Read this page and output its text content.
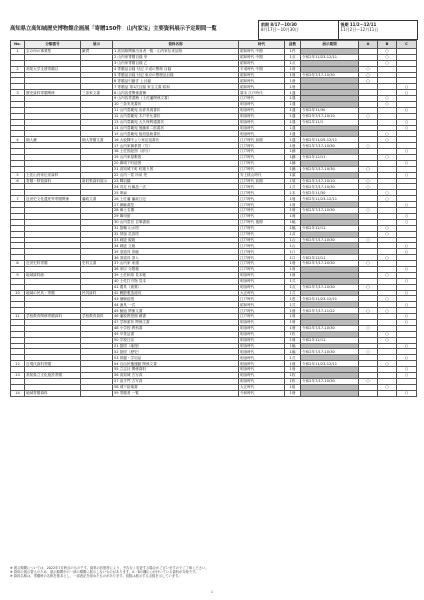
高知県立高知城歴史博物館企画展「寄贈150件　山内家宝」主要資料展示予定期間一覧
前期 8/17〜10/30
8月17日〜10月30日
後期 11/2〜12/11
11月2日〜12月11日
No.	分類番号	展示	資料名称	時代	員数	展示期間	A	B	C
1	宝の何の事業型	雑貨	1 高知県関係出身者一覧・山内家伝来品物	昭和時代 中期	1件			○	
			2 山内家寄贈目録 甲	昭和時代 中期	1点	令和2年11/23-12/11		○	
			3 山内家寄贈目録 乙	昭和時代	1点			○	
2	高知大学支援寄贈目		4 寄贈品目録 付記 平成の整理 目録	平成時代 中期	1冊		○		
			5 寄贈品目録 付記 東京の整理品目録	昭和時代	1冊	令和2年7/17-10/30	○		
			6 寄贈品引継ぎ 上目録	昭和時代	1冊		○		
			7 寄贈品 第1次目録 家宝文書 昭和	昭和時代	1冊				○
3	歴史資料寄贈関係	三条家文書	8 山内容堂関係書簡	幕末 江戸時代	1通				○
			9 山内容堂書簡（土佐藩関係文書）	江戸時代	1通			○	
			10 三条実美書状	明治時代	1通			○	
			11 山内豊範宛 岩倉具視書状	明治時代	1通	令和2年11/30			○
			12 山内豊範宛 木戸孝允書状	明治時代	1通	令和2年7/17-10/10	○		
			13 山内豊範宛 大久保利通書状	明治時代	1通	令和2年11/1			○
			14 山内豊範宛 後藤象二郎書状	明治時代	1通				○
			15 山内豊範宛 板垣退助書状	明治時代	1通			○	
4	個人蔵	個人寄贈文書	16 大坂陣中より家臣宛書状	江戸時代 前期	1通	令和2年11/25-12/11		○	
			17 山内家御系図（写）	江戸時代	1冊	令和2年7/17-10/30	○		
			18 土佐国絵図（部分）	江戸時代	1鋪				○
			19 山内家屋敷図	江戸時代	1鋪	令和2年12/11		○	
			20 御城下町絵図	江戸時代	1鋪				○
			21 高知城下町 町割り図	江戸時代	1鋪	令和2年7/17-10/30	○		
5	土佐山内家伝来資料		22 山内一豊 所用 兜	安土桃山時代	1頭				○
6	寄贈・移管資料	新収集資料展示	23 陣羽織	江戸時代 前期	1領	令和2年7/17-10/10	○		
			24 具足 付属品一式	江戸時代	1式	令和2年7/17-10/30	○		
			25 軍扇	江戸時代	1本	令和2年11/30		○	
7	近世史文化遺産等寄贈関係	藩政文書	26 土佐藩 藩政日記	江戸時代	1冊	令和2年11/23-12/11		○	
			27 御触書控	江戸時代	1冊				○
			28 郷士名簿	江戸時代	1冊	令和2年7/17-10/30	○		
			29 御用留	江戸時代	1冊				○
			30 山内豊信 自筆書画	江戸時代 後期	1幅				○
			31 掛軸 山水図	江戸時代	1幅	令和2年12/11		○	
			32 屏風 花鳥図	江戸時代	1双			○	
			33 蒔絵 硯箱	江戸時代	1合	令和2年7/17-10/30	○		
			34 蒔絵 文箱	江戸時代	1合				○
			35 茶道具 茶碗	江戸時代	1口				○
			36 茶道具 茶入	江戸時代	1口	令和2年12/11		○	
8	近世史料寄贈	史料文書	37 山内家 家譜	江戸時代	1冊	令和2年7/17-10/30	○		
			38 家臣 分限帳	江戸時代	1冊				○
9	地域資料館		39 土佐和紙 見本帳	明治時代	1冊			○	
			40 土佐打刃物 見本	明治時代	1式				○
			41 農具（唐箕）	明治時代	1点	令和2年7/17-10/30	○		
10	地域の民具・寄贈	民具資料	42 鰹節製造道具	大正時代	1式				○
			43 捕鯨絵図	江戸時代	1巻	令和2年11/23-12/11		○	
			44 漁具 一式	昭和時代	1式				○
			45 鯨組 関係文書	江戸時代	1冊	令和2年7/17-11/22	○	○	
11	学校教育関係寄贈資料	学校教育資料	46 藩校教授館 蔵書	江戸時代	1冊				○
			47 学制頒布 関係文書	明治時代	1冊				○
			48 小学校 教科書	明治時代	1冊	令和2年7/17-10/30	○		
			49 卒業証書	明治時代	1枚			○	
			50 学校日誌	明治時代	1冊	令和2年12/11		○	
			51 掛図（地理）	明治時代	1幅				○
			52 掛図（歴史）	明治時代	1幅	令和2年7/17-10/30	○		
			53 算盤・学用品	明治時代	1式				○
12	近現代資料寄贈		54 自由民権運動 関係文書	明治時代	1冊	令和2年11/23-12/11		○	
			55 立志社 関係資料	明治時代	1冊				○
13	高知県立文化施設寄贈		56 高知城 古写真	明治時代	1枚				○
			57 追手門 古写真	明治時代	1枚	令和2年7/17-10/30	○		
			58 城下絵葉書	大正時代	1組			○	
14	地域寄贈資料		59 寄贈者 一覧	令和時代	1冊				○
※ 展示期間については、2022年7月時点のものです。資料の状態等により、予告なく変更する場合がございますのでご了承ください。
※ 資料の展示替えのため、展示期間中の一部の期間に展示しないものがあります。A・Bの欄に○が付いている資料が対象です。
※ 資料名称は、寄贈時の名称を基本とし、一部表記を改めたものがあります。員数は展示する点数を示しています。
1
